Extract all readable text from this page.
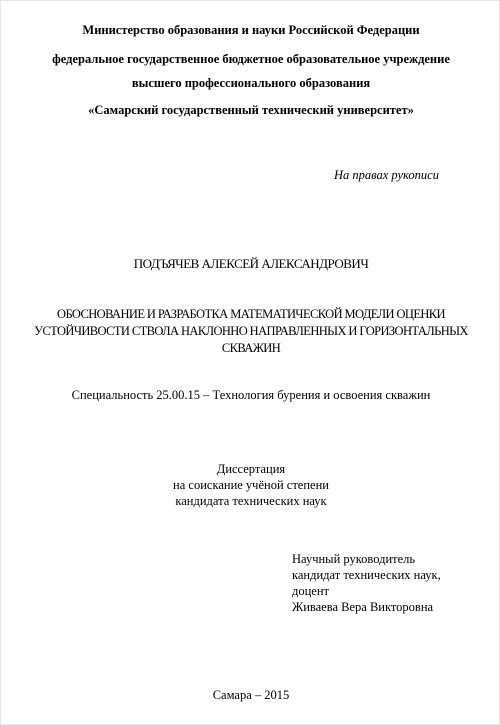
Министерство образования и науки Российской Федерации
федеральное государственное бюджетное образовательное учреждение
высшего профессионального образования
«Самарский государственный технический университет»
На правах рукописи
ПОДЪЯЧЕВ АЛЕКСЕЙ АЛЕКСАНДРОВИЧ
ОБОСНОВАНИЕ И РАЗРАБОТКА МАТЕМАТИЧЕСКОЙ МОДЕЛИ ОЦЕНКИ
УСТОЙЧИВОСТИ СТВОЛА НАКЛОННО НАПРАВЛЕННЫХ И ГОРИЗОНТАЛЬНЫХ
СКВАЖИН
Специальность 25.00.15 – Технология бурения и освоения скважин
Диссертация
на соискание учёной степени
кандидата технических наук
Научный руководитель
кандидат технических наук,
доцент
Живаева Вера Викторовна
Самара – 2015
